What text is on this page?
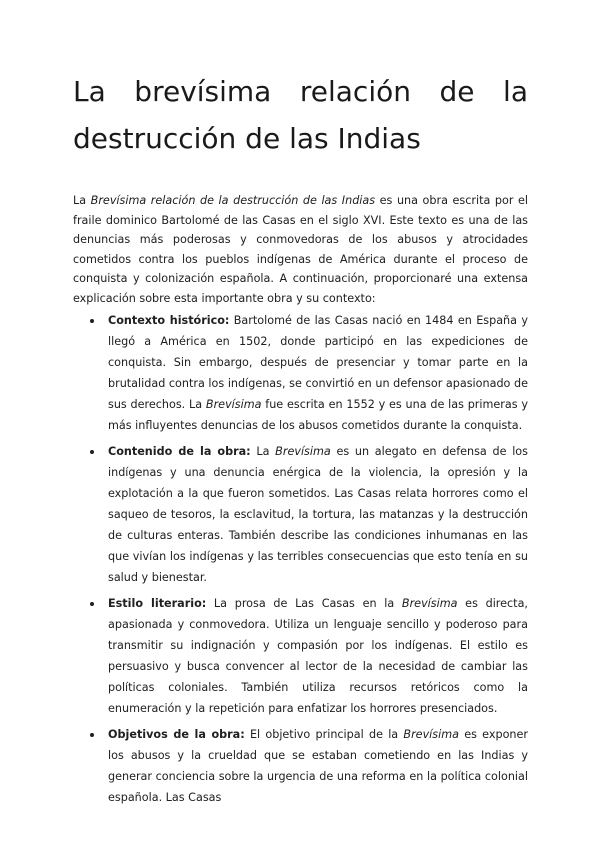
La brevísima relación de la
destrucción de las Indias

La Brevísima relación de la destrucción de las Indias es una obra escrita por el fraile dominico Bartolomé de las Casas en el siglo XVI. Este texto es una de las denuncias más poderosas y conmovedoras de los abusos y atrocidades cometidos contra los pueblos indígenas de América durante el proceso de conquista y colonización española. A continuación, proporcionaré una extensa explicación sobre esta importante obra y su contexto:

Contexto histórico: Bartolomé de las Casas nació en 1484 en España y llegó a América en 1502, donde participó en las expediciones de conquista. Sin embargo, después de presenciar y tomar parte en la brutalidad contra los indígenas, se convirtió en un defensor apasionado de sus derechos. La Brevísima fue escrita en 1552 y es una de las primeras y más influyentes denuncias de los abusos cometidos durante la conquista.
Contenido de la obra: La Brevísima es un alegato en defensa de los indígenas y una denuncia enérgica de la violencia, la opresión y la explotación a la que fueron sometidos. Las Casas relata horrores como el saqueo de tesoros, la esclavitud, la tortura, las matanzas y la destrucción de culturas enteras. También describe las condiciones inhumanas en las que vivían los indígenas y las terribles consecuencias que esto tenía en su salud y bienestar.
Estilo literario: La prosa de Las Casas en la Brevísima es directa, apasionada y conmovedora. Utiliza un lenguaje sencillo y poderoso para transmitir su indignación y compasión por los indígenas. El estilo es persuasivo y busca convencer al lector de la necesidad de cambiar las políticas coloniales. También utiliza recursos retóricos como la enumeración y la repetición para enfatizar los horrores presenciados.
Objetivos de la obra: El objetivo principal de la Brevísima es exponer los abusos y la crueldad que se estaban cometiendo en las Indias y generar conciencia sobre la urgencia de una reforma en la política colonial española. Las Casas
